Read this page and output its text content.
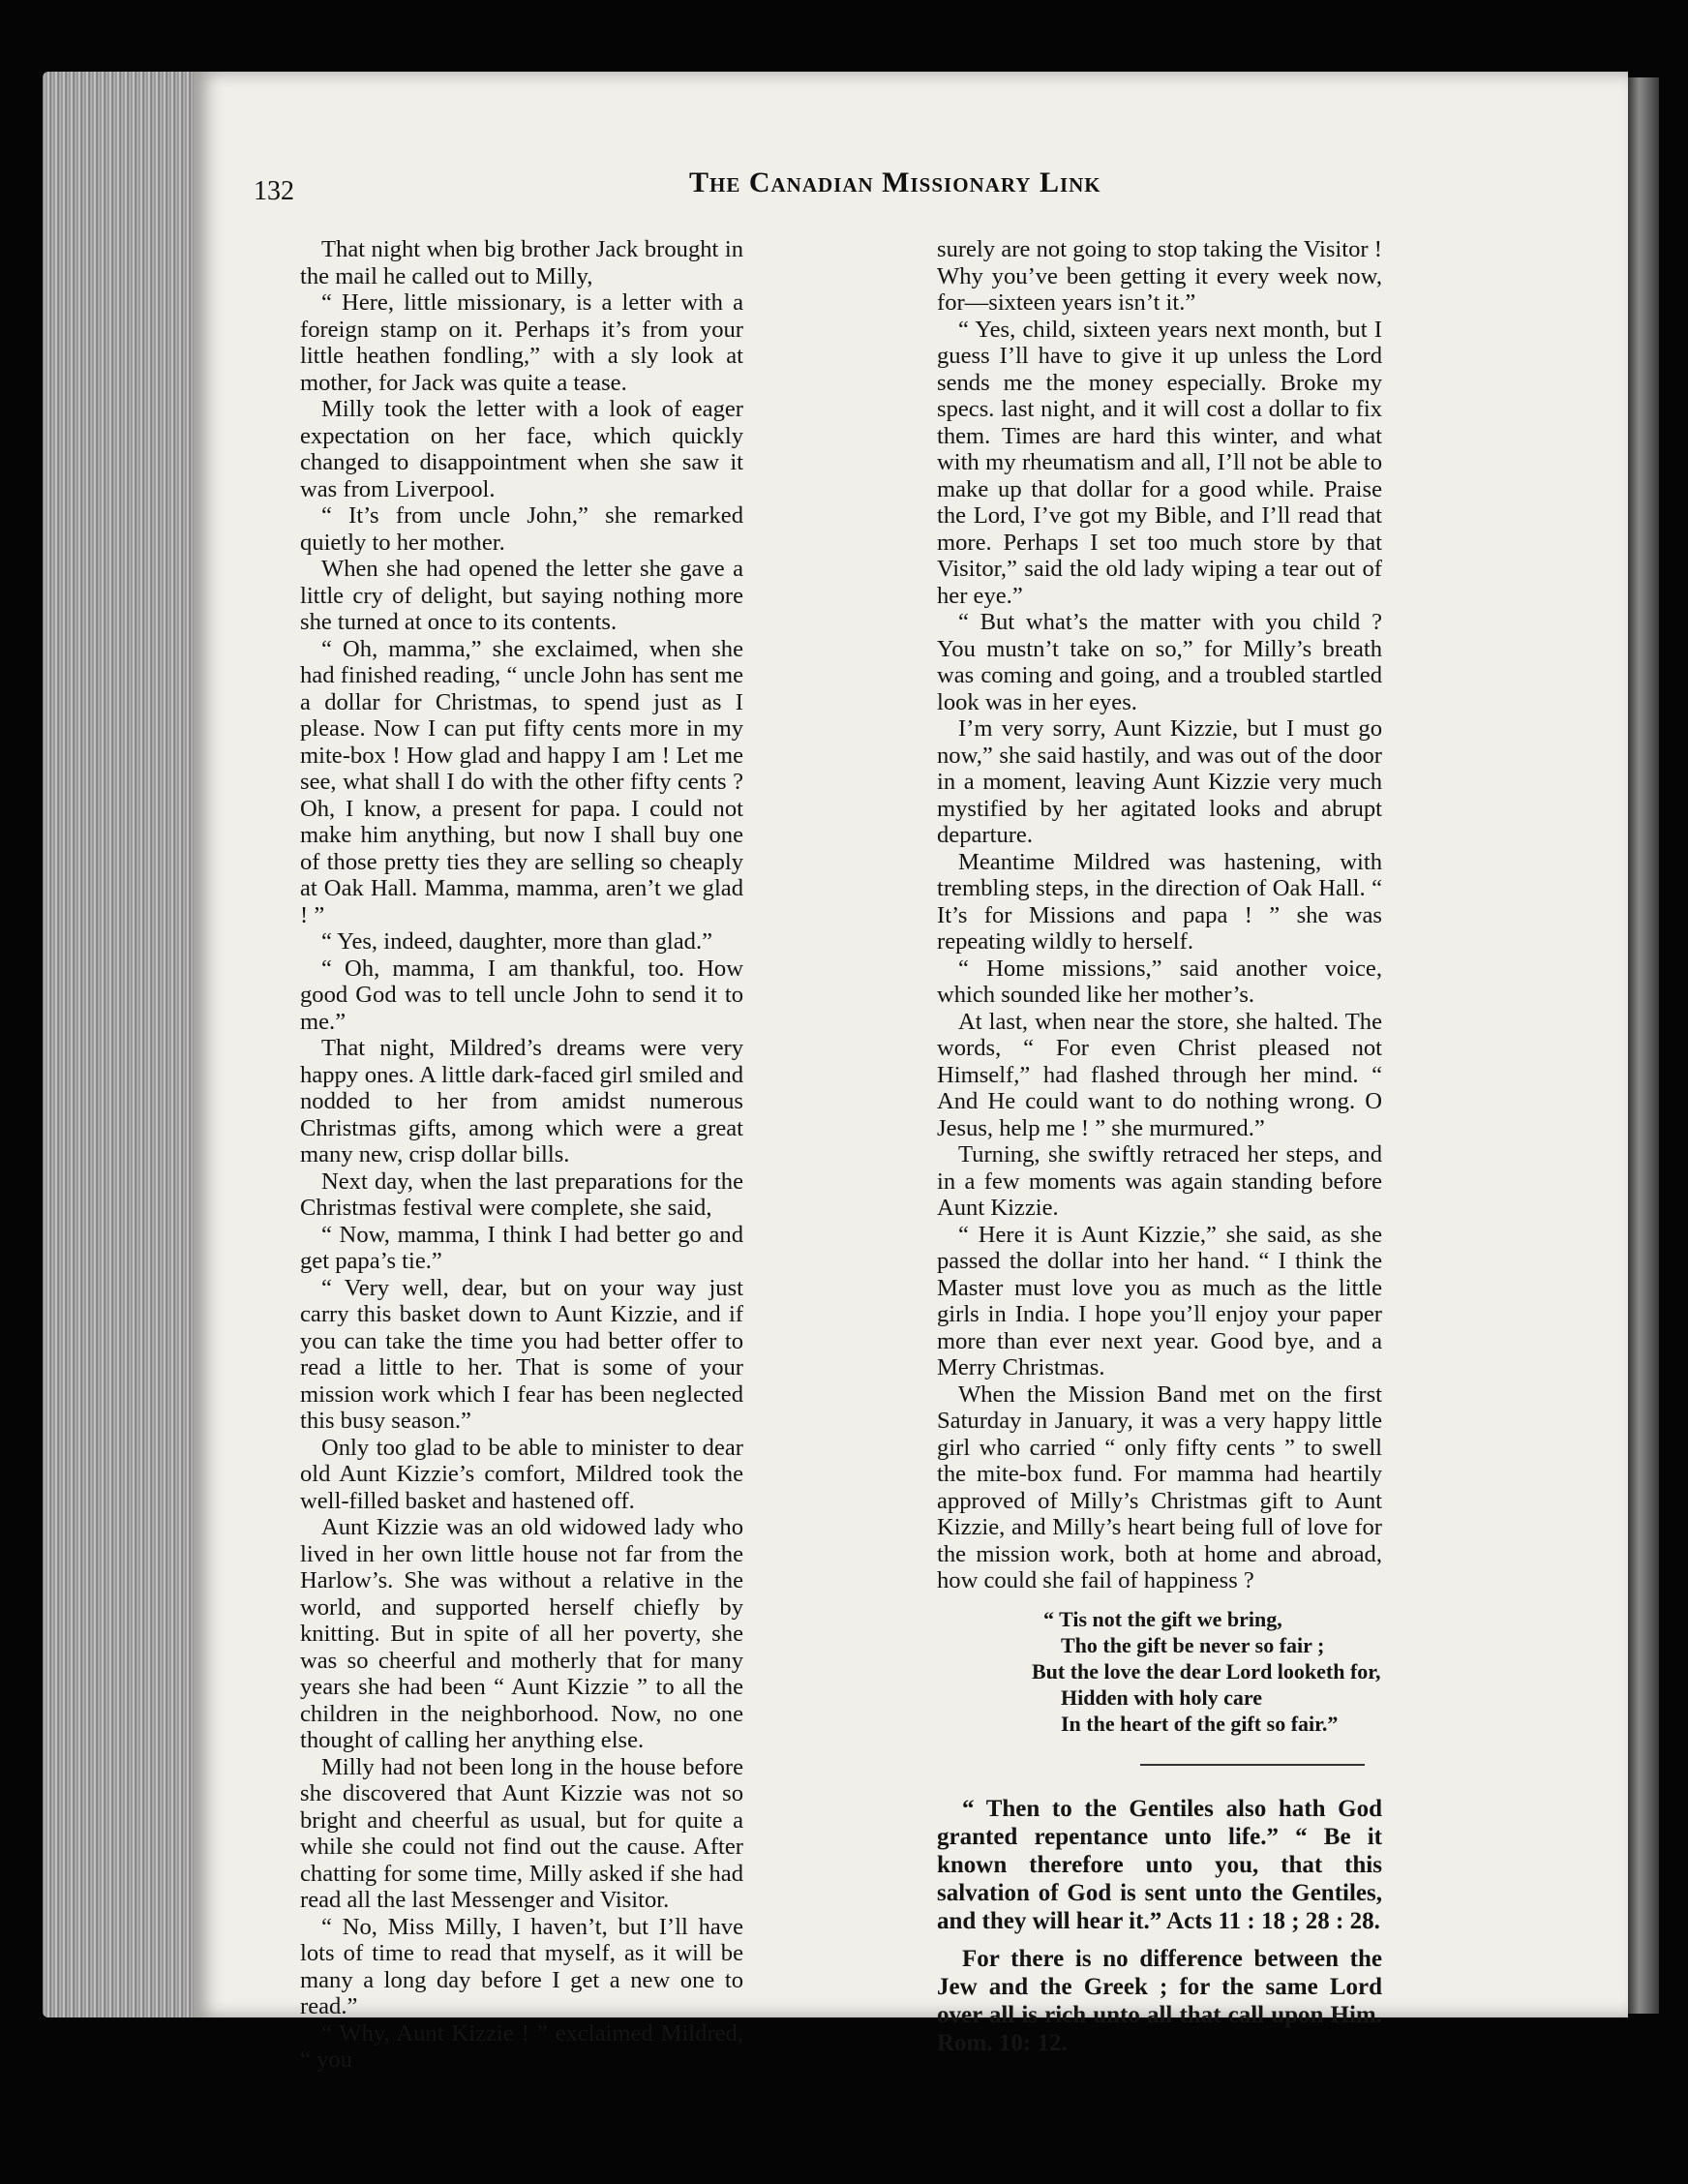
132	The Canadian Missionary Link

That night when big brother Jack brought in the mail he called out to Milly,

“ Here, little missionary, is a letter with a foreign stamp on it. Perhaps it’s from your little heathen fondling,” with a sly look at mother, for Jack was quite a tease.

Milly took the letter with a look of eager expectation on her face, which quickly changed to disappointment when she saw it was from Liverpool.

“ It’s from uncle John,” she remarked quietly to her mother.

When she had opened the letter she gave a little cry of delight, but saying nothing more she turned at once to its contents.

“ Oh, mamma,” she exclaimed, when she had finished reading, “ uncle John has sent me a dollar for Christmas, to spend just as I please. Now I can put fifty cents more in my mite-box ! How glad and happy I am ! Let me see, what shall I do with the other fifty cents ? Oh, I know, a present for papa. I could not make him anything, but now I shall buy one of those pretty ties they are selling so cheaply at Oak Hall. Mamma, mamma, aren’t we glad ! ”

“ Yes, indeed, daughter, more than glad.”

“ Oh, mamma, I am thankful, too. How good God was to tell uncle John to send it to me.”

That night, Mildred’s dreams were very happy ones. A little dark-faced girl smiled and nodded to her from amidst numerous Christmas gifts, among which were a great many new, crisp dollar bills.

Next day, when the last preparations for the Christmas festival were complete, she said,

“ Now, mamma, I think I had better go and get papa’s tie.”

“ Very well, dear, but on your way just carry this basket down to Aunt Kizzie, and if you can take the time you had better offer to read a little to her. That is some of your mission work which I fear has been neglected this busy season.”

Only too glad to be able to minister to dear old Aunt Kizzie’s comfort, Mildred took the well-filled basket and hastened off.

Aunt Kizzie was an old widowed lady who lived in her own little house not far from the Harlow’s. She was without a relative in the world, and supported herself chiefly by knitting. But in spite of all her poverty, she was so cheerful and motherly that for many years she had been “ Aunt Kizzie ” to all the children in the neighborhood. Now, no one thought of calling her anything else.

Milly had not been long in the house before she discovered that Aunt Kizzie was not so bright and cheerful as usual, but for quite a while she could not find out the cause. After chatting for some time, Milly asked if she had read all the last Messenger and Visitor.

“ No, Miss Milly, I haven’t, but I’ll have lots of time to read that myself, as it will be many a long day before I get a new one to read.”

“ Why, Aunt Kizzie ! ” exclaimed Mildred, “ you

surely are not going to stop taking the Visitor ! Why you’ve been getting it every week now, for—sixteen years isn’t it.”

“ Yes, child, sixteen years next month, but I guess I’ll have to give it up unless the Lord sends me the money especially. Broke my specs. last night, and it will cost a dollar to fix them. Times are hard this winter, and what with my rheumatism and all, I’ll not be able to make up that dollar for a good while. Praise the Lord, I’ve got my Bible, and I’ll read that more. Perhaps I set too much store by that Visitor,” said the old lady wiping a tear out of her eye.”

“ But what’s the matter with you child ? You mustn’t take on so,” for Milly’s breath was coming and going, and a troubled startled look was in her eyes.

I’m very sorry, Aunt Kizzie, but I must go now,” she said hastily, and was out of the door in a moment, leaving Aunt Kizzie very much mystified by her agitated looks and abrupt departure.

Meantime Mildred was hastening, with trembling steps, in the direction of Oak Hall. “ It’s for Missions and papa ! ” she was repeating wildly to herself.

“ Home missions,” said another voice, which sounded like her mother’s.

At last, when near the store, she halted. The words, “ For even Christ pleased not Himself,” had flashed through her mind. “ And He could want to do nothing wrong. O Jesus, help me ! ” she murmured.”

Turning, she swiftly retraced her steps, and in a few moments was again standing before Aunt Kizzie.

“ Here it is Aunt Kizzie,” she said, as she passed the dollar into her hand. “ I think the Master must love you as much as the little girls in India. I hope you’ll enjoy your paper more than ever next year. Good bye, and a Merry Christmas.

When the Mission Band met on the first Saturday in January, it was a very happy little girl who carried “ only fifty cents ” to swell the mite-box fund. For mamma had heartily approved of Milly’s Christmas gift to Aunt Kizzie, and Milly’s heart being full of love for the mission work, both at home and abroad, how could she fail of happiness ?

“ Tis not the gift we bring,
Tho the gift be never so fair ;
But the love the dear Lord looketh for,
Hidden with holy care
In the heart of the gift so fair.”

“ Then to the Gentiles also hath God granted repentance unto life.” “ Be it known therefore unto you, that this salvation of God is sent unto the Gentiles, and they will hear it.” Acts 11 : 18 ; 28 : 28.

For there is no difference between the Jew and the Greek ; for the same Lord over all is rich unto all that call upon Him. Rom. 10: 12.
